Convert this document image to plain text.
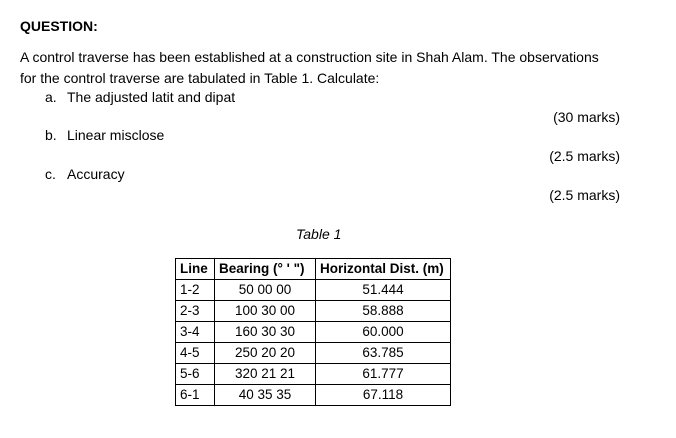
QUESTION:
A control traverse has been established at a construction site in Shah Alam. The observations
for the control traverse are tabulated in Table 1. Calculate:
a. The adjusted latit and dipat
(30 marks)
b. Linear misclose
(2.5 marks)
c. Accuracy
(2.5 marks)
Table 1
Line	Bearing (° ' ")	Horizontal Dist. (m)
1-2	50 00 00	51.444
2-3	100 30 00	58.888
3-4	160 30 30	60.000
4-5	250 20 20	63.785
5-6	320 21 21	61.777
6-1	40 35 35	67.118
